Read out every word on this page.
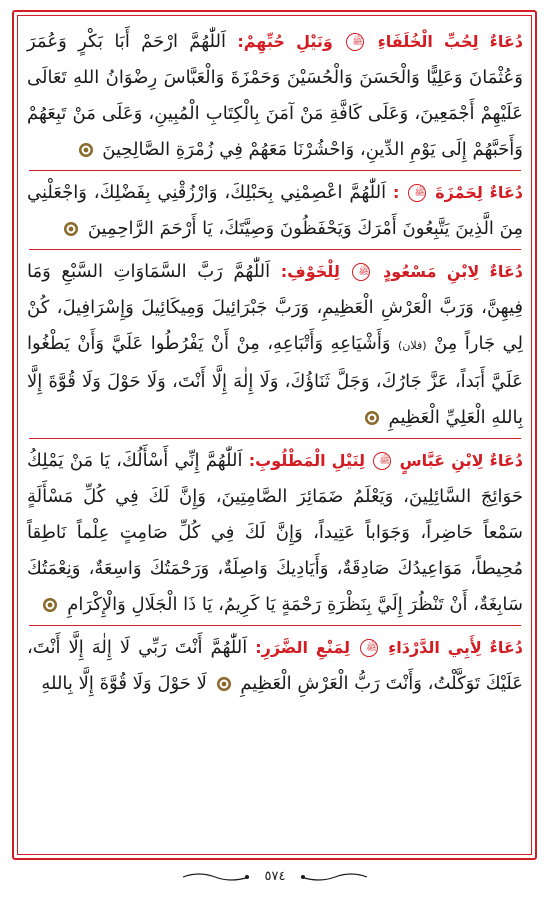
دُعَاءٌ لِحُبِّ الْخُلَفَاءِ ﷺ وَنَيْلِ حُبِّهِمْ: اَللّٰهُمَّ ارْحَمْ أَبَا بَكْرٍ وَعُمَرَ وَعُثْمَانَ وَعَلِيًّا وَالْحَسَنَ وَالْحُسَيْنَ وَحَمْزَةَ وَالْعَبَّاسَ رِضْوَانُ اللهِ تَعَالَى عَلَيْهِمْ أَجْمَعِينَ، وَعَلَى كَافَّةِ مَنْ آمَنَ بِالْكِتَابِ الْمُبِينِ، وَعَلَى مَنْ تَبِعَهُمْ وَأَحَبَّهُمْ إِلَى يَوْمِ الدِّينِ، وَاحْشُرْنَا مَعَهُمْ فِي زُمْرَةِ الصَّالِحِينَ

دُعَاءٌ لِحَمْزَةَ ﷺ : اَللّٰهُمَّ اعْصِمْنِي بِحَبْلِكَ، وَارْزُقْنِي بِفَضْلِكَ، وَاجْعَلْنِي مِنَ الَّذِينَ يَتَّبِعُونَ أَمْرَكَ وَيَحْفَظُونَ وَصِيَّتَكَ، يَا أَرْحَمَ الرَّاحِمِينَ

دُعَاءٌ لِابْنِ مَسْعُودٍ ﷺ لِلْخَوْفِ: اَللّٰهُمَّ رَبَّ السَّمَاوَاتِ السَّبْعِ وَمَا فِيهِنَّ، وَرَبَّ الْعَرْشِ الْعَظِيمِ، وَرَبَّ جَبْرَائِيلَ وَمِيكَائِيلَ وَإِسْرَافِيلَ، كُنْ لِي جَاراً مِنْ (فلان) وَأَشْيَاعِهِ وَأَتْبَاعِهِ، مِنْ أَنْ يَفْرُطُوا عَلَيَّ وَأَنْ يَطْغُوا عَلَيَّ أَبَداً، عَزَّ جَارُكَ، وَجَلَّ ثَنَاؤُكَ، وَلَا إِلٰهَ إِلَّا أَنْتَ، وَلَا حَوْلَ وَلَا قُوَّةَ إِلَّا بِاللهِ الْعَلِيِّ الْعَظِيمِ

دُعَاءٌ لِابْنِ عَبَّاسٍ ﷺ لِنَيْلِ الْمَطْلُوبِ: اَللّٰهُمَّ إِنِّي أَسْأَلُكَ، يَا مَنْ يَمْلِكُ حَوَائِجَ السَّائِلِينَ، وَيَعْلَمُ ضَمَائِرَ الصَّامِتِينَ، وَإِنَّ لَكَ فِي كُلِّ مَسْأَلَةٍ سَمْعاً حَاضِراً، وَجَوَاباً عَتِيداً، وَإِنَّ لَكَ فِي كُلِّ صَامِتٍ عِلْماً نَاطِقاً مُحِيطاً، مَوَاعِيدُكَ صَادِقَةٌ، وَأَيَادِيكَ وَاصِلَةٌ، وَرَحْمَتُكَ وَاسِعَةٌ، وَنِعْمَتُكَ سَابِغَةٌ، أَنْ تَنْظُرَ إِلَيَّ بِنَظْرَةِ رَحْمَةٍ يَا كَرِيمُ، يَا ذَا الْجَلَالِ وَالْإِكْرَامِ

دُعَاءٌ لِأَبِي الدَّرْدَاءِ ﷺ لِمَنْعِ الضَّرَرِ: اَللّٰهُمَّ أَنْتَ رَبِّي لَا إِلٰهَ إِلَّا أَنْتَ، عَلَيْكَ تَوَكَّلْتُ، وَأَنْتَ رَبُّ الْعَرْشِ الْعَظِيمِ  لَا حَوْلَ وَلَا قُوَّةَ إِلَّا بِاللهِ

٥٧٤
